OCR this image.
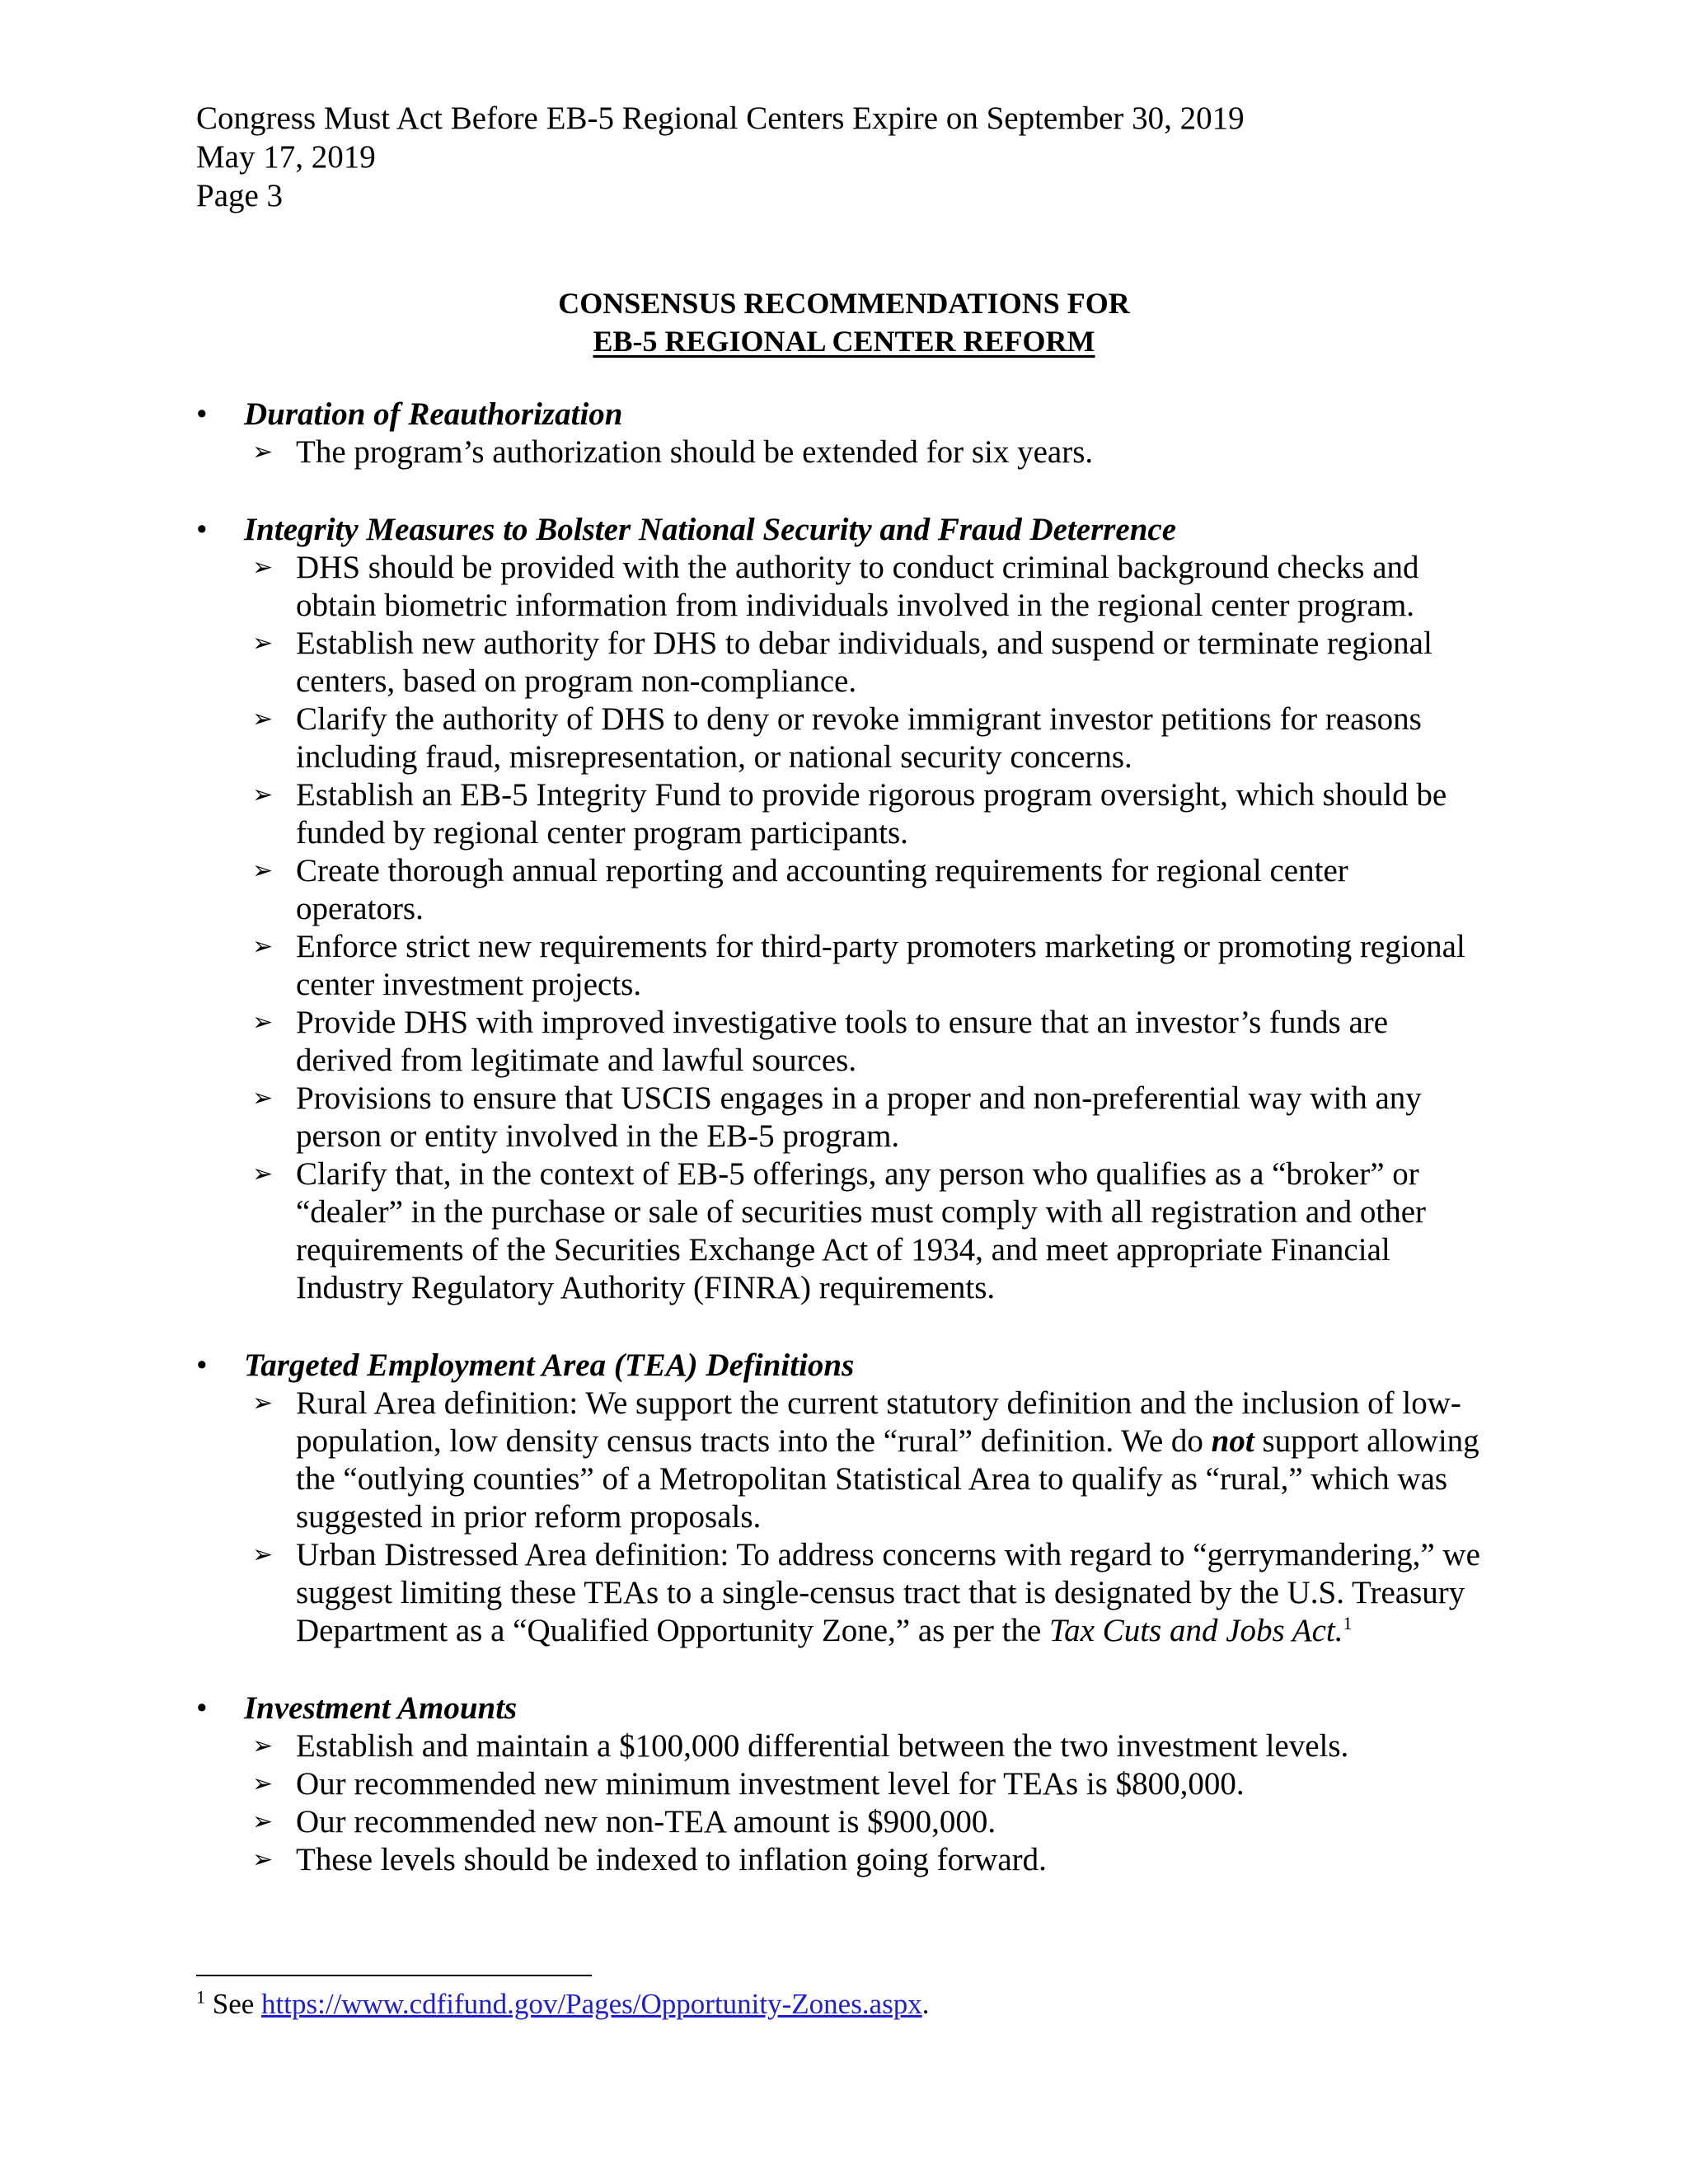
Congress Must Act Before EB-5 Regional Centers Expire on September 30, 2019
May 17, 2019
Page 3
CONSENSUS RECOMMENDATIONS FOR
EB-5 REGIONAL CENTER REFORM
• Duration of Reauthorization
➢ The program’s authorization should be extended for six years.
• Integrity Measures to Bolster National Security and Fraud Deterrence
➢ DHS should be provided with the authority to conduct criminal background checks and obtain biometric information from individuals involved in the regional center program.
➢ Establish new authority for DHS to debar individuals, and suspend or terminate regional centers, based on program non-compliance.
➢ Clarify the authority of DHS to deny or revoke immigrant investor petitions for reasons including fraud, misrepresentation, or national security concerns.
➢ Establish an EB-5 Integrity Fund to provide rigorous program oversight, which should be funded by regional center program participants.
➢ Create thorough annual reporting and accounting requirements for regional center operators.
➢ Enforce strict new requirements for third-party promoters marketing or promoting regional center investment projects.
➢ Provide DHS with improved investigative tools to ensure that an investor’s funds are derived from legitimate and lawful sources.
➢ Provisions to ensure that USCIS engages in a proper and non-preferential way with any person or entity involved in the EB-5 program.
➢ Clarify that, in the context of EB-5 offerings, any person who qualifies as a “broker” or “dealer” in the purchase or sale of securities must comply with all registration and other requirements of the Securities Exchange Act of 1934, and meet appropriate Financial Industry Regulatory Authority (FINRA) requirements.
• Targeted Employment Area (TEA) Definitions
➢ Rural Area definition: We support the current statutory definition and the inclusion of low-population, low density census tracts into the “rural” definition. We do not support allowing the “outlying counties” of a Metropolitan Statistical Area to qualify as “rural,” which was suggested in prior reform proposals.
➢ Urban Distressed Area definition: To address concerns with regard to “gerrymandering,” we suggest limiting these TEAs to a single-census tract that is designated by the U.S. Treasury Department as a “Qualified Opportunity Zone,” as per the Tax Cuts and Jobs Act.$^1$
• Investment Amounts
➢ Establish and maintain a $100,000 differential between the two investment levels.
➢ Our recommended new minimum investment level for TEAs is $800,000.
➢ Our recommended new non-TEA amount is $900,000.
➢ These levels should be indexed to inflation going forward.
$^1$ See https://www.cdfifund.gov/Pages/Opportunity-Zones.aspx.
